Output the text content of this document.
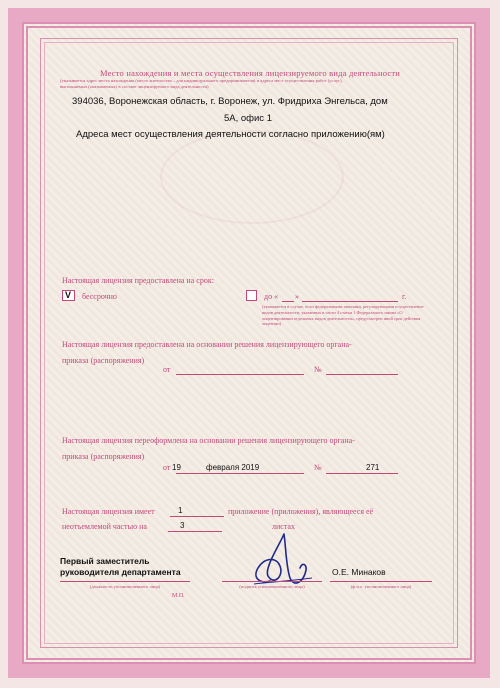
Место нахождения и места осуществления лицензируемого вида деятельности
(указывается адрес места нахождения (место жительства – для индивидуального предпринимателя) и адреса мест осуществления работ (услуг),
выполняемых (оказываемых) в составе лицензируемого вида деятельности)
394036, Воронежская область, г. Воронеж, ул. Фридриха Энгельса, дом
5А, офис 1
Адреса мест осуществления деятельности согласно приложению(ям)
Настоящая лицензия предоставлена на срок:
V бессрочно	до « »	г.
(указывается в случае, если федеральными законами, регулирующими осуществление видов деятельности, указанных в части 4 статьи 1 Федерального закона «О лицензировании отдельных видов деятельности», предусмотрен иной срок действия лицензии)
Настоящая лицензия предоставлена на основании решения лицензирующего органа-
приказа (распоряжения)
от	№
Настоящая лицензия переоформлена на основании решения лицензирующего органа-
приказа (распоряжения)
от 19	февраля 2019	№	271
Настоящая лицензия имеет	1	приложение (приложения), являющееся её
неотъемлемой частью на	3	листах
Первый заместитель
руководителя департамента
(должность уполномоченного лица)	(подпись уполномоченного лица)
О.Е. Минаков
(ф.и.о. уполномоченного лица)
М.П.
